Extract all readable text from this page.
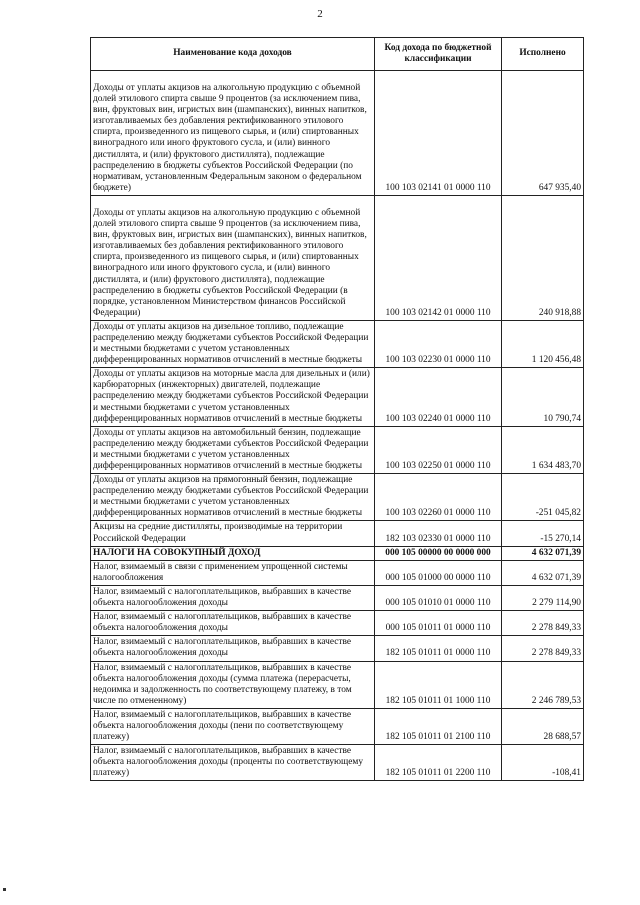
2
Наименование кода доходов	Код дохода по бюджетной классификации	Исполнено
Доходы от уплаты акцизов на алкогольную продукцию с объемной долей этилового спирта свыше 9 процентов (за исключением пива, вин, фруктовых вин, игристых вин (шампанских), винных напитков, изготавливаемых без добавления ректификованного этилового спирта, произведенного из пищевого сырья, и (или) спиртованных виноградного или иного фруктового сусла, и (или) винного дистиллята, и (или) фруктового дистиллята), подлежащие распределению в бюджеты субъектов Российской Федерации (по нормативам, установленным Федеральным законом о федеральном бюджете)	100 103 02141 01 0000 110	647 935,40
Доходы от уплаты акцизов на алкогольную продукцию с объемной долей этилового спирта свыше 9 процентов (за исключением пива, вин, фруктовых вин, игристых вин (шампанских), винных напитков, изготавливаемых без добавления ректификованного этилового спирта, произведенного из пищевого сырья, и (или) спиртованных виноградного или иного фруктового сусла, и (или) винного дистиллята, и (или) фруктового дистиллята), подлежащие распределению в бюджеты субъектов Российской Федерации (в порядке, установленном Министерством финансов Российской Федерации)	100 103 02142 01 0000 110	240 918,88
Доходы от уплаты акцизов на дизельное топливо, подлежащие распределению между бюджетами субъектов Российской Федерации и местными бюджетами с учетом установленных дифференцированных нормативов отчислений в местные бюджеты	100 103 02230 01 0000 110	1 120 456,48
Доходы от уплаты акцизов на моторные масла для дизельных и (или) карбюраторных (инжекторных) двигателей, подлежащие распределению между бюджетами субъектов Российской Федерации и местными бюджетами с учетом установленных дифференцированных нормативов отчислений в местные бюджеты	100 103 02240 01 0000 110	10 790,74
Доходы от уплаты акцизов на автомобильный бензин, подлежащие распределению между бюджетами субъектов Российской Федерации и местными бюджетами с учетом установленных дифференцированных нормативов отчислений в местные бюджеты	100 103 02250 01 0000 110	1 634 483,70
Доходы от уплаты акцизов на прямогонный бензин, подлежащие распределению между бюджетами субъектов Российской Федерации и местными бюджетами с учетом установленных дифференцированных нормативов отчислений в местные бюджеты	100 103 02260 01 0000 110	-251 045,82
Акцизы на средние дистилляты, производимые на территории Российской Федерации	182 103 02330 01 0000 110	-15 270,14
НАЛОГИ НА СОВОКУПНЫЙ ДОХОД	000 105 00000 00 0000 000	4 632 071,39
Налог, взимаемый в связи с применением упрощенной системы налогообложения	000 105 01000 00 0000 110	4 632 071,39
Налог, взимаемый с налогоплательщиков, выбравших в качестве объекта налогообложения доходы	000 105 01010 01 0000 110	2 279 114,90
Налог, взимаемый с налогоплательщиков, выбравших в качестве объекта налогообложения доходы	000 105 01011 01 0000 110	2 278 849,33
Налог, взимаемый с налогоплательщиков, выбравших в качестве объекта налогообложения доходы	182 105 01011 01 0000 110	2 278 849,33
Налог, взимаемый с налогоплательщиков, выбравших в качестве объекта налогообложения доходы (сумма платежа (перерасчеты, недоимка и задолженность по соответствующему платежу, в том числе по отмененному)	182 105 01011 01 1000 110	2 246 789,53
Налог, взимаемый с налогоплательщиков, выбравших в качестве объекта налогообложения доходы (пени по соответствующему платежу)	182 105 01011 01 2100 110	28 688,57
Налог, взимаемый с налогоплательщиков, выбравших в качестве объекта налогообложения доходы (проценты по соответствующему платежу)	182 105 01011 01 2200 110	-108,41
